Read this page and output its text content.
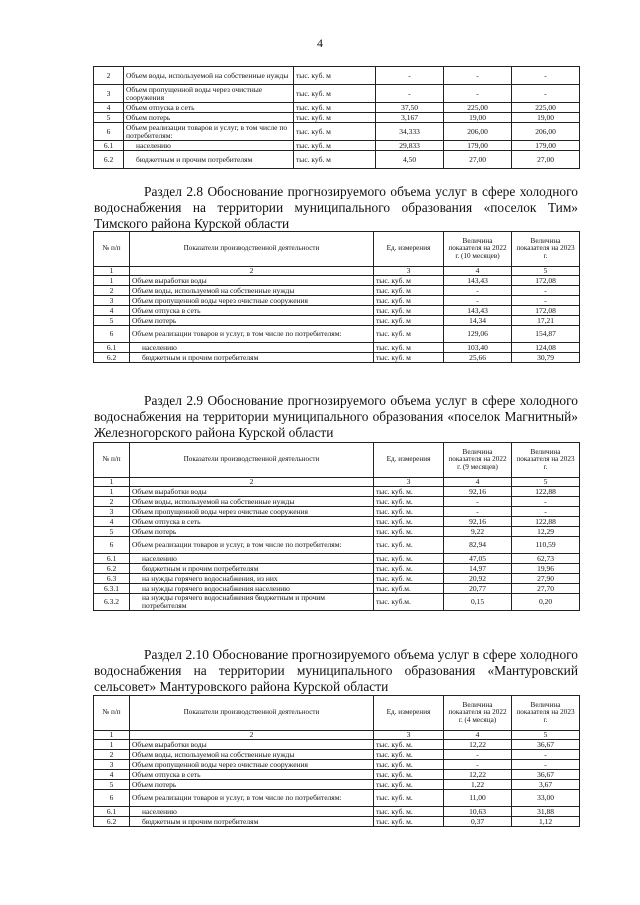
4
2	Объем воды, используемой на собственные нужды	тыс. куб. м	-	-	-
3	Объем пропущенной воды через очистные сооружения	тыс. куб. м	-	-	-
4	Объем отпуска в сеть	тыс. куб. м	37,50	225,00	225,00
5	Объем потерь	тыс. куб. м	3,167	19,00	19,00
6	Объем реализации товаров и услуг, в том числе по потребителям:	тыс. куб. м	34,333	206,00	206,00
6.1	населению	тыс. куб. м	29,833	179,00	179,00
6.2	бюджетным и прочим потребителям	тыс. куб. м	4,50	27,00	27,00
Раздел 2.8 Обоснование прогнозируемого объема услуг в сфере холодного водоснабжения на территории муниципального образования «поселок Тим» Тимского района Курской области
№ п/п	Показатели производственной деятельности	Ед. измерения	Величина показателя на 2022 г. (10 месяцев)	Величина показателя на 2023 г.
1	2	3	4	5
1	Объем выработки воды	тыс. куб. м	143,43	172,08
2	Объем воды, используемой на собственные нужды	тыс. куб. м	-	-
3	Объем пропущенной воды через очистные сооружения	тыс. куб. м	-	-
4	Объем отпуска в сеть	тыс. куб. м	143,43	172,08
5	Объем потерь	тыс. куб. м	14,34	17,21
6	Объем реализации товаров и услуг, в том числе по потребителям:	тыс. куб. м	129,06	154,87
6.1	населению	тыс. куб. м	103,40	124,08
6.2	бюджетным и прочим потребителям	тыс. куб. м	25,66	30,79
Раздел 2.9 Обоснование прогнозируемого объема услуг в сфере холодного водоснабжения на территории муниципального образования «поселок Магнитный» Железногорского района Курской области
№ п/п	Показатели производственной деятельности	Ед. измерения	Величина показателя на 2022 г. (9 месяцев)	Величина показателя на 2023 г.
1	2	3	4	5
1	Объем выработки воды	тыс. куб. м.	92,16	122,88
2	Объем воды, используемой на собственные нужды	тыс. куб. м.	-	-
3	Объем пропущенной воды через очистные сооружения	тыс. куб. м.	-	-
4	Объем отпуска в сеть	тыс. куб. м.	92,16	122,88
5	Объем потерь	тыс. куб. м.	9,22	12,29
6	Объем реализации товаров и услуг, в том числе по потребителям:	тыс. куб. м.	82,94	110,59
6.1	населению	тыс. куб. м.	47,05	62,73
6.2	бюджетным и прочим потребителям	тыс. куб. м.	14,97	19,96
6.3	на нужды горячего водоснабжения, из них	тыс. куб. м.	20,92	27,90
6.3.1	на нужды горячего водоснабжения населению	тыс. куб.м.	20,77	27,70
6.3.2	на нужды горячего водоснабжения бюджетным и прочим потребителям	тыс. куб.м.	0,15	0,20
Раздел 2.10 Обоснование прогнозируемого объема услуг в сфере холодного водоснабжения на территории муниципального образования «Мантуровский сельсовет» Мантуровского района Курской области
№ п/п	Показатели производственной деятельности	Ед. измерения	Величина показателя на 2022 г. (4 месяца)	Величина показателя на 2023 г.
1	2	3	4	5
1	Объем выработки воды	тыс. куб. м.	12,22	36,67
2	Объем воды, используемой на собственные нужды	тыс. куб. м.	-	-
3	Объем пропущенной воды через очистные сооружения	тыс. куб. м.	-	-
4	Объем отпуска в сеть	тыс. куб. м.	12,22	36,67
5	Объем потерь	тыс. куб. м.	1,22	3,67
6	Объем реализации товаров и услуг, в том числе по потребителям:	тыс. куб. м.	11,00	33,00
6.1	населению	тыс. куб. м.	10,63	31,88
6.2	бюджетным и прочим потребителям	тыс. куб. м.	0,37	1,12
